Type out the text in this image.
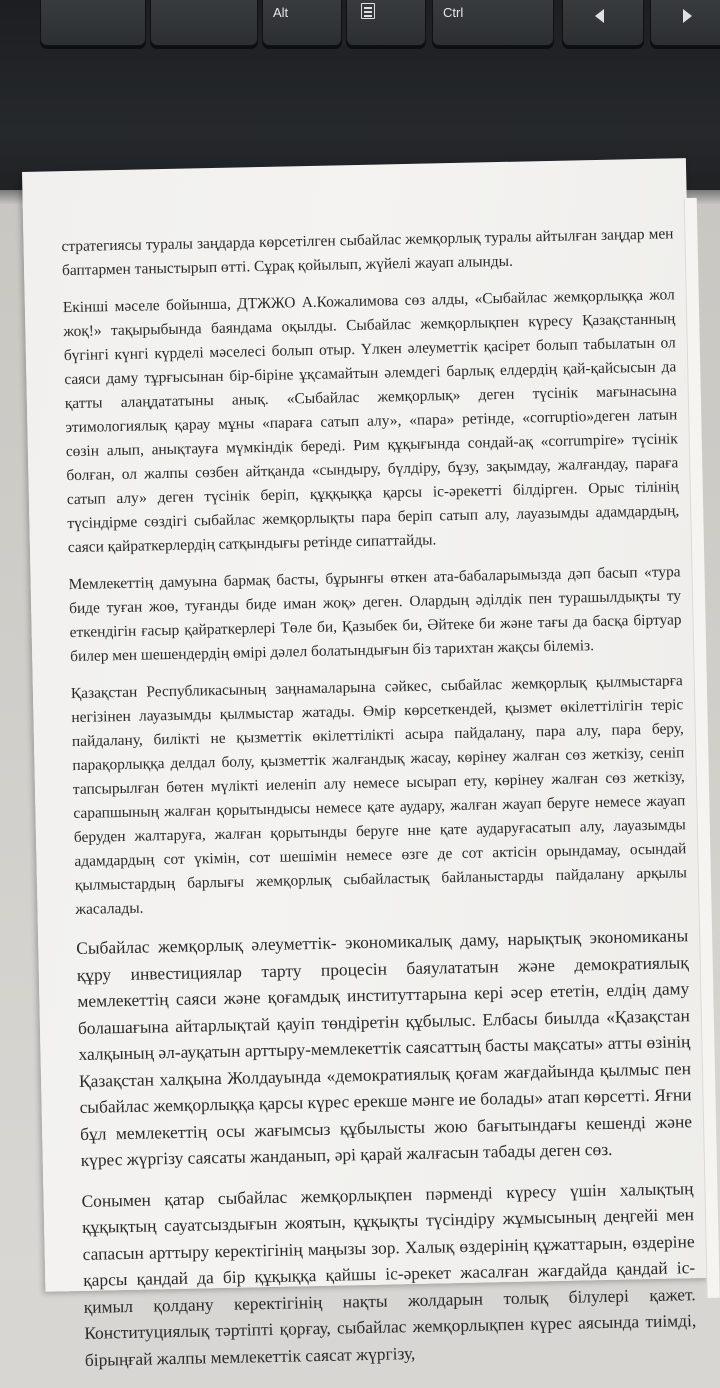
Alt	Ctrl

стратегиясы туралы заңдарда көрсетілген сыбайлас жемқорлық туралы айтылған заңдар мен баптармен таныстырып өтті. Сұрақ қойылып, жүйелі жауап алынды.

Екінші мәселе бойынша, ДТЖЖО А.Кожалимова сөз алды, «Сыбайлас жемқорлыққа жол жоқ!» тақырыбында баяндама оқылды. Сыбайлас жемқорлықпен күресу Қазақстанның бүгінгі күнгі күрделі мәселесі болып отыр. Үлкен әлеуметтік қасірет болып табылатын ол саяси даму тұрғысынан бір-біріне ұқсамайтын әлемдегі барлық елдердің қай-қайсысын да қатты алаңдататыны анық. «Сыбайлас жемқорлық» деген түсінік мағынасына этимологиялық қарау мұны «параға сатып алу», «пара» ретінде, «corruptio»деген латын сөзін алып, анықтауға мүмкіндік береді. Рим құқығында сондай-ақ «corrumpire» түсінік болған, ол жалпы сөзбен айтқанда «сындыру, бүлдіру, бұзу, зақымдау, жалғандау, параға сатып алу» деген түсінік беріп, құққыққа қарсы іс-әрекетті білдірген. Орыс тілінің түсіндірме сөздігі сыбайлас жемқорлықты пара беріп сатып алу, лауазымды адамдардың, саяси қайраткерлердің сатқындығы ретінде сипаттайды.

Мемлекеттің дамуына бармақ басты, бұрынғы өткен ата-бабаларымызда дәп басып «тура биде туған жоө, туғанды биде иман жоқ» деген. Олардың әділдік пен турашылдықты ту еткендігін ғасыр қайраткерлері Төле би, Қазыбек би, Әйтеке би және тағы да басқа біртуар билер мен шешендердің өмірі дәлел болатындығын біз тарихтан жақсы білеміз.

Қазақстан Республикасының заңнамаларына сәйкес, сыбайлас жемқорлық қылмыстарға негізінен лауазымды қылмыстар жатады. Өмір көрсеткендей, қызмет өкілеттілігін теріс пайдалану, билікті не қызметтік өкілеттілікті асыра пайдалану, пара алу, пара беру, парақорлыққа делдал болу, қызметтік жалғандық жасау, көрінеу жалған сөз жеткізу, сеніп тапсырылған бөтен мүлікті иеленіп алу немесе ысырап ету, көрінеу жалған сөз жеткізу, сарапшының жалған қорытындысы немесе қате аудару, жалған жауап беруге немесе жауап беруден жалтаруға, жалған қорытынды беруге нне қате аударуғасатып алу, лауазымды адамдардың сот үкімін, сот шешімін немесе өзге де сот актісін орындамау, осындай қылмыстардың барлығы жемқорлық сыбайластық байланыстарды пайдалану арқылы жасалады.

Сыбайлас жемқорлық әлеуметтік- экономикалық даму, нарықтық экономиканы құру инвестициялар тарту процесін баяулататын және демократиялық мемлекеттің саяси және қоғамдық институттарына кері әсер ететін, елдің даму болашағына айтарлықтай қауіп төндіретін құбылыс. Елбасы биылда «Қазақстан халқының әл-ауқатын арттыру-мемлекеттік саясаттың басты мақсаты» атты өзінің Қазақстан халқына Жолдауында «демократиялық қоғам жағдайында қылмыс пен сыбайлас жемқорлыққа қарсы күрес ерекше мәнге ие болады» атап көрсетті. Яғни бұл мемлекеттің осы жағымсыз құбылысты жою бағытындағы кешенді және күрес жүргізу саясаты жанданып, әрі қарай жалғасын табады деген сөз.

Сонымен қатар сыбайлас жемқорлықпен пәрменді күресу үшін халықтың құқықтың сауатсыздығын жоятын, құқықты түсіндіру жұмысының деңгейі мен сапасын арттыру керектігінің маңызы зор. Халық өздерінің құжаттарын, өздеріне қарсы қандай да бір құқыққа қайшы іс-әрекет жасалған жағдайда қандай іс-қимыл қолдану керектігінің нақты жолдарын толық білулері қажет. Конституциялық тәртіпті қорғау, сыбайлас жемқорлықпен күрес аясында тиімді, бірыңғай жалпы мемлекеттік саясат жүргізу,
